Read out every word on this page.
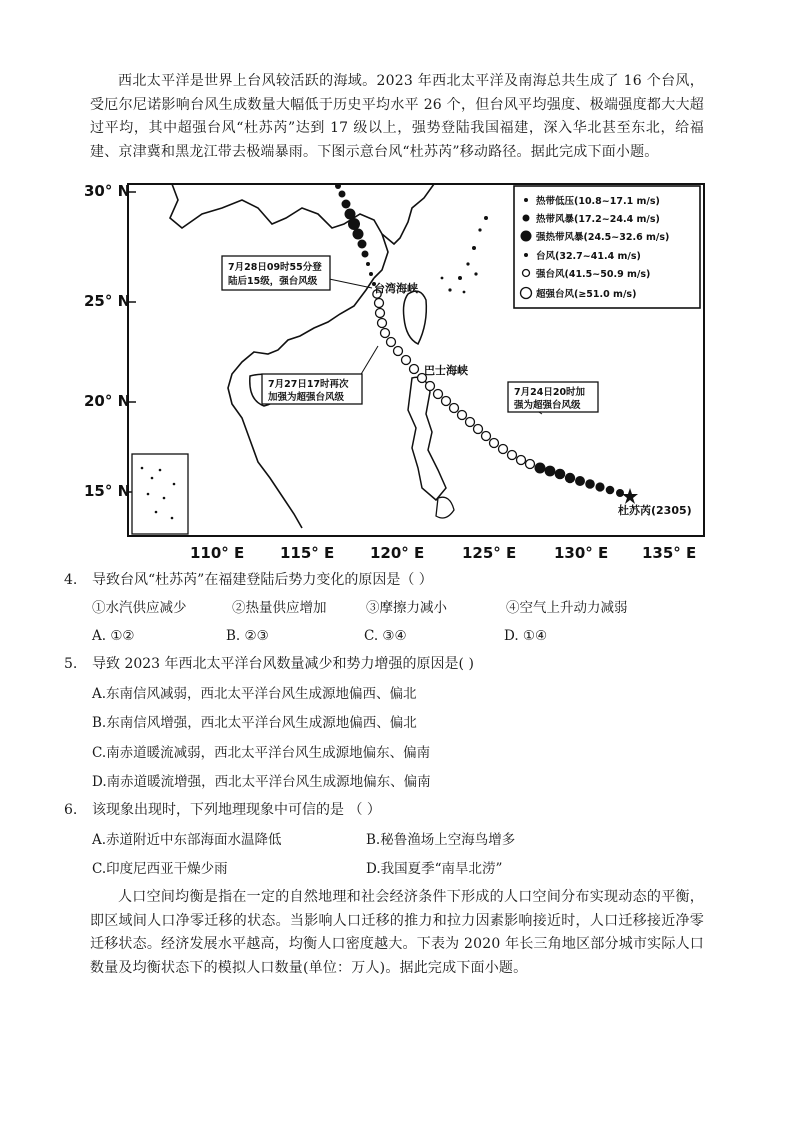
西北太平洋是世界上台风较活跃的海域。2023 年西北太平洋及南海总共生成了 16 个台风，受厄尔尼诺影响台风生成数量大幅低于历史平均水平 26 个，但台风平均强度、极端强度都大大超过平均，其中超强台风“杜苏芮”达到 17 级以上，强势登陆我国福建，深入华北甚至东北，给福建、京津冀和黑龙江带去极端暴雨。下图示意台风“杜苏芮”移动路径。据此完成下面小题。

30° N
25° N
20° N
15° N
110° E 115° E 120° E	125° E	130° E 135° E
7月28日09时55分登
陆后15级，强台风级
7月27日17时再次
加强为超强台风级	7月24日20时加
强为超强台风级
台湾海峡
巴士海峡
杜苏芮(2305)
热带低压(10.8~17.1 m/s)
热带风暴(17.2~24.4 m/s)
强热带风暴(24.5~32.6 m/s)
台风(32.7~41.4 m/s)
强台风(41.5~50.9 m/s)
超强台风(≥51.0 m/s)
4. 导致台风“杜苏芮”在福建登陆后势力变化的原因是（ ）
①水汽供应减少	②热量供应增加	③摩擦力减小	④空气上升动力减弱
A. ①②	B. ②③	C. ③④	D. ①④
5. 导致 2023 年西北太平洋台风数量减少和势力增强的原因是( )
A.东南信风减弱，西北太平洋台风生成源地偏西、偏北
B.东南信风增强，西北太平洋台风生成源地偏西、偏北
C.南赤道暖流减弱，西北太平洋台风生成源地偏东、偏南
D.南赤道暖流增强，西北太平洋台风生成源地偏东、偏南
6. 该现象出现时，下列地理现象中可信的是 （ ）
A.赤道附近中东部海面水温降低	B.秘鲁渔场上空海鸟增多
C.印度尼西亚干燥少雨	D.我国夏季“南旱北涝”

人口空间均衡是指在一定的自然地理和社会经济条件下形成的人口空间分布实现动态的平衡，即区域间人口净零迁移的状态。当影响人口迁移的推力和拉力因素影响接近时，人口迁移接近净零迁移状态。经济发展水平越高，均衡人口密度越大。下表为 2020 年长三角地区部分城市实际人口数量及均衡状态下的模拟人口数量(单位：万人)。据此完成下面小题。
